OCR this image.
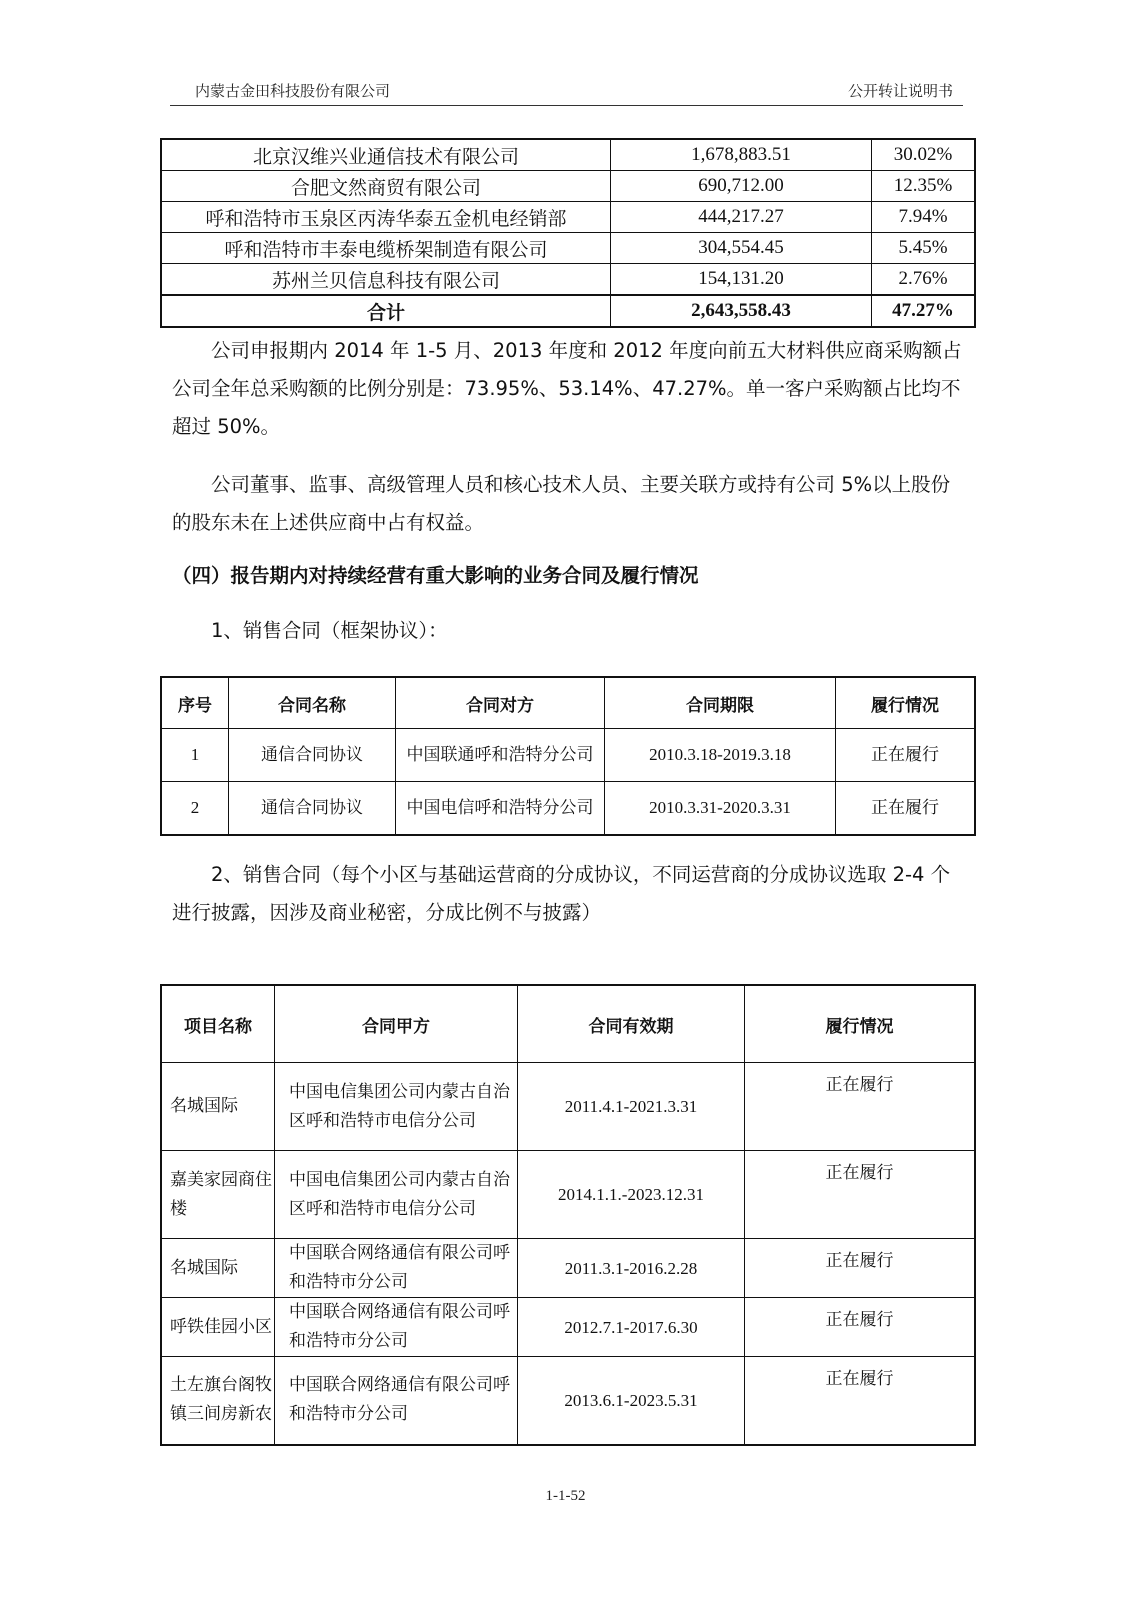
内蒙古金田科技股份有限公司	公开转让说明书
北京汉维兴业通信技术有限公司	1,678,883.51	30.02%
合肥文然商贸有限公司	690,712.00	12.35%
呼和浩特市玉泉区丙涛华泰五金机电经销部	444,217.27	7.94%
呼和浩特市丰泰电缆桥架制造有限公司	304,554.45	5.45%
苏州兰贝信息科技有限公司	154,131.20	2.76%
合计	2,643,558.43	47.27%
公司申报期内 2014 年 1-5 月、2013 年度和 2012 年度向前五大材料供应商采购额占公司全年总采购额的比例分别是：73.95%、53.14%、47.27%。单一客户采购额占比均不超过 50%。
公司董事、监事、高级管理人员和核心技术人员、主要关联方或持有公司 5%以上股份的股东未在上述供应商中占有权益。
（四）报告期内对持续经营有重大影响的业务合同及履行情况
1、销售合同（框架协议）：
序号	合同名称	合同对方	合同期限	履行情况
1	通信合同协议	中国联通呼和浩特分公司	2010.3.18-2019.3.18	正在履行
2	通信合同协议	中国电信呼和浩特分公司	2010.3.31-2020.3.31	正在履行
2、销售合同（每个小区与基础运营商的分成协议，不同运营商的分成协议选取 2-4 个进行披露，因涉及商业秘密，分成比例不与披露）
项目名称	合同甲方	合同有效期	履行情况
名城国际	中国电信集团公司内蒙古自治区呼和浩特市电信分公司	2011.4.1-2021.3.31	正在履行
嘉美家园商住楼	中国电信集团公司内蒙古自治区呼和浩特市电信分公司	2014.1.1.-2023.12.31	正在履行
名城国际	中国联合网络通信有限公司呼和浩特市分公司	2011.3.1-2016.2.28	正在履行
呼铁佳园小区	中国联合网络通信有限公司呼和浩特市分公司	2012.7.1-2017.6.30	正在履行
土左旗台阁牧镇三间房新农	中国联合网络通信有限公司呼和浩特市分公司	2013.6.1-2023.5.31	正在履行
1-1-52
